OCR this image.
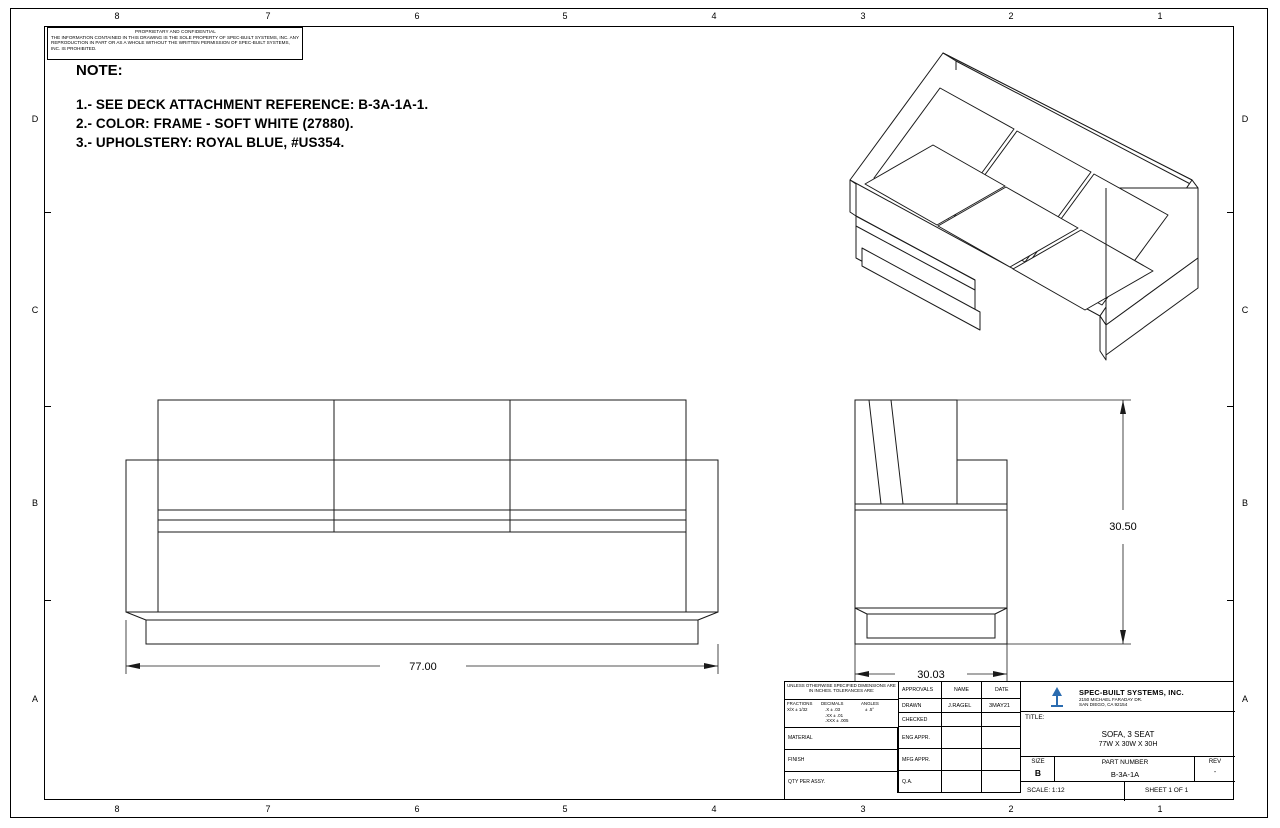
8	7	6	5	4	3	2	1
8	7	6	5	4	3	2	1
D
C
B
A
D
C
B
A
PROPRIETARY AND CONFIDENTIAL
THE INFORMATION CONTAINED IN THIS DRAWING IS THE SOLE PROPERTY OF SPEC-BUILT SYSTEMS, INC. ANY REPRODUCTION IN PART OR AS A WHOLE WITHOUT THE WRITTEN PERMISSION OF SPEC-BUILT SYSTEMS, INC. IS PROHIBITED.
NOTE:
1.- SEE DECK ATTACHMENT REFERENCE: B-3A-1A-1.
2.- COLOR: FRAME - SOFT WHITE (27880).
3.- UPHOLSTERY: ROYAL BLUE, #US354.
77.00
30.03
30.50
UNLESS OTHERWISE SPECIFIED DIMENSIONS ARE IN INCHES. TOLERANCES ARE:
FRACTIONS
X/X ± 1/32
DECIMALS
.X ± .03
.XX ± .01
.XXX ± .005
ANGLES
± .5°
MATERIAL
FINISH
QTY PER ASSY.
APPROVALS	NAME	DATE
DRAWN	J.RAGEL	3MAY21
CHECKED
ENG APPR.
MFG APPR.
Q.A.
SPEC-BUILT SYSTEMS, INC.
2150 MICHAEL FARADAY DR.
SAN DIEGO, CA 92154
TITLE:
SOFA, 3 SEAT
77W X 30W X 30H
SIZE
B
PART NUMBER
B-3A-1A
REV
-
SCALE: 1:12	SHEET 1 OF 1
